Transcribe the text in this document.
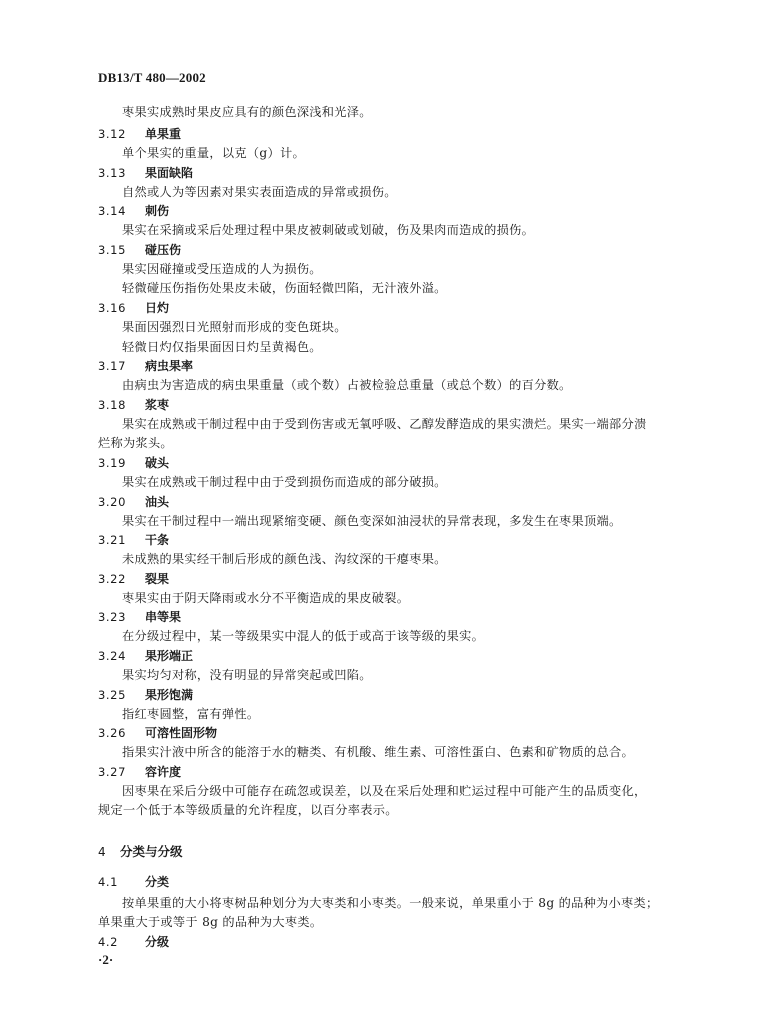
DB13/T 480—2002
枣果实成熟时果皮应具有的颜色深浅和光泽。
3.12 单果重
单个果实的重量，以克（g）计。
3.13 果面缺陷
自然或人为等因素对果实表面造成的异常或损伤。
3.14 刺伤
果实在采摘或采后处理过程中果皮被刺破或划破，伤及果肉而造成的损伤。
3.15 碰压伤
果实因碰撞或受压造成的人为损伤。
轻微碰压伤指伤处果皮未破，伤面轻微凹陷，无汁液外溢。
3.16 日灼
果面因强烈日光照射而形成的变色斑块。
轻微日灼仅指果面因日灼呈黄褐色。
3.17 病虫果率
由病虫为害造成的病虫果重量（或个数）占被检验总重量（或总个数）的百分数。
3.18 浆枣
果实在成熟或干制过程中由于受到伤害或无氧呼吸、乙醇发酵造成的果实溃烂。果实一端部分溃
烂称为浆头。
3.19 破头
果实在成熟或干制过程中由于受到损伤而造成的部分破损。
3.20 油头
果实在干制过程中一端出现紧缩变硬、颜色变深如油浸状的异常表现，多发生在枣果顶端。
3.21 干条
未成熟的果实经干制后形成的颜色浅、沟纹深的干瘪枣果。
3.22 裂果
枣果实由于阴天降雨或水分不平衡造成的果皮破裂。
3.23 串等果
在分级过程中，某一等级果实中混人的低于或高于该等级的果实。
3.24 果形端正
果实均匀对称，没有明显的异常突起或凹陷。
3.25 果形饱满
指红枣圆整，富有弹性。
3.26 可溶性固形物
指果实汁液中所含的能溶于水的糖类、有机酸、维生素、可溶性蛋白、色素和矿物质的总合。
3.27 容许度
因枣果在采后分级中可能存在疏忽或误差，以及在采后处理和贮运过程中可能产生的品质变化，
规定一个低于本等级质量的允许程度，以百分率表示。
4 分类与分级
4.1 分类
按单果重的大小将枣树品种划分为大枣类和小枣类。一般来说，单果重小于 8g 的品种为小枣类；
单果重大于或等于 8g 的品种为大枣类。
4.2 分级
·2·
